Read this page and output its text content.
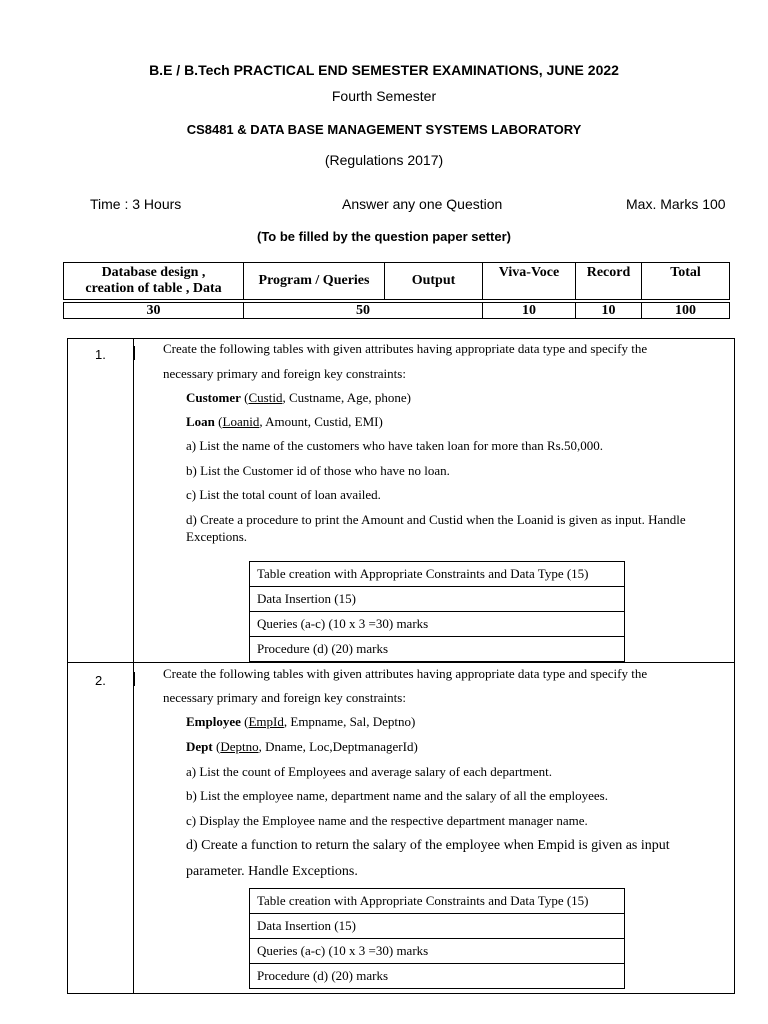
B.E / B.Tech PRACTICAL END SEMESTER EXAMINATIONS, JUNE 2022
Fourth Semester
CS8481 & DATA BASE MANAGEMENT SYSTEMS LABORATORY
(Regulations 2017)
Time : 3 Hours	Answer any one Question	Max. Marks 100
(To be filled by the question paper setter)
Database design ,
creation of table , Data	Program / Queries	Output	Viva-Voce	Record	Total

30	50		10	10	100
1.	Create the following tables with given attributes having appropriate data type and specify the
necessary primary and foreign key constraints:
Customer (Custid, Custname, Age, phone)
Loan (Loanid, Amount, Custid, EMI)
a) List the name of the customers who have taken loan for more than Rs.50,000.
b) List the Customer id of those who have no loan.
c) List the total count of loan availed.
d) Create a procedure to print the Amount and Custid when the Loanid is given as input. Handle
Exceptions.
Table creation with Appropriate Constraints and Data Type (15)
Data Insertion (15)
Queries (a-c) (10 x 3 =30) marks
Procedure (d) (20) marks
2.	Create the following tables with given attributes having appropriate data type and specify the
necessary primary and foreign key constraints:
Employee (EmpId, Empname, Sal, Deptno)
Dept (Deptno, Dname, Loc,DeptmanagerId)
a) List the count of Employees and average salary of each department.
b) List the employee name, department name and the salary of all the employees.
c) Display the Employee name and the respective department manager name.
d) Create a function to return the salary of the employee when Empid is given as input
parameter. Handle Exceptions.
Table creation with Appropriate Constraints and Data Type (15)
Data Insertion (15)
Queries (a-c) (10 x 3 =30) marks
Procedure (d) (20) marks
